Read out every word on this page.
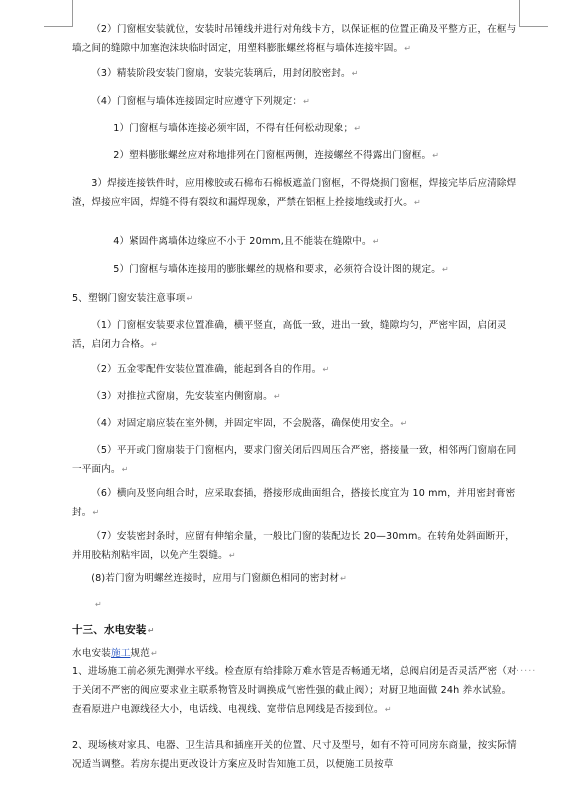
（2）门窗框安装就位，安装时吊锤线并进行对角线卡方，以保证框的位置正确及平整方正，在框与墙之间的缝隙中加塞泡沫块临时固定，用塑料膨胀螺丝将框与墙体连接牢固。↵

（3）精装阶段安装门窗扇，安装完装璃后，用封闭胶密封。↵

（4）门窗框与墙体连接固定时应遵守下列规定：↵

1）门窗框与墙体连接必须牢固，不得有任何松动现象；↵

2）塑料膨胀螺丝应对称地排列在门窗框两侧，连接螺丝不得露出门窗框。↵

3）焊接连接铁件时，应用橡胶或石棉布石棉板遮盖门窗框，不得烧损门窗框，焊接完毕后应清除焊渣，焊接应牢固，焊缝不得有裂纹和漏焊现象，严禁在铝框上拴接地线或打火。↵

4）紧固件离墙体边缘应不小于 20mm,且不能装在缝隙中。↵

5）门窗框与墙体连接用的膨胀螺丝的规格和要求，必须符合设计图的规定。↵

5、塑钢门窗安装注意事项↵

（1）门窗框安装要求位置准确，横平竖直，高低一致，进出一致，缝隙均匀，严密牢固，启闭灵活，启闭力合格。↵

（2）五金零配件安装位置准确，能起到各自的作用。↵

（3）对推拉式窗扇，先安装室内侧窗扇。↵

（4）对固定扇应装在室外侧，并固定牢固，不会脱落，确保使用安全。↵

（5）平开或门窗扇装于门窗框内，要求门窗关闭后四周压合严密，搭接量一致，相邻两门窗扇在同一平面内。↵

（6）横向及竖向组合时，应采取套插，搭接形成曲面组合，搭接长度宜为 10 mm，并用密封膏密封。↵

（7）安装密封条时，应留有伸缩余量，一般比门窗的装配边长 20—30mm。在转角处斜面断开，并用胶粘剂粘牢固，以免产生裂缝。↵

(8)若门窗为明螺丝连接时，应用与门窗颜色相同的密封材↵

↵

十三、水电安装↵

水电安装施工规范↵

1、进场施工前必须先测弹水平线。检查原有给排除万难水管是否畅通无堵，总阀启闭是否灵活严密（对于关闭不严密的阀应要求业主联系物管及时调换成气密性强的截止阀）；对厨卫地面做 24h 养水试验。查看原进户电源线径大小，电话线、电视线、宽带信息网线是否接到位。↵

······

2、现场核对家具、电器、卫生洁具和插座开关的位置、尺寸及型号，如有不符可同房东商量，按实际情况适当调整。若房东提出更改设计方案应及时告知施工员，以便施工员按草
